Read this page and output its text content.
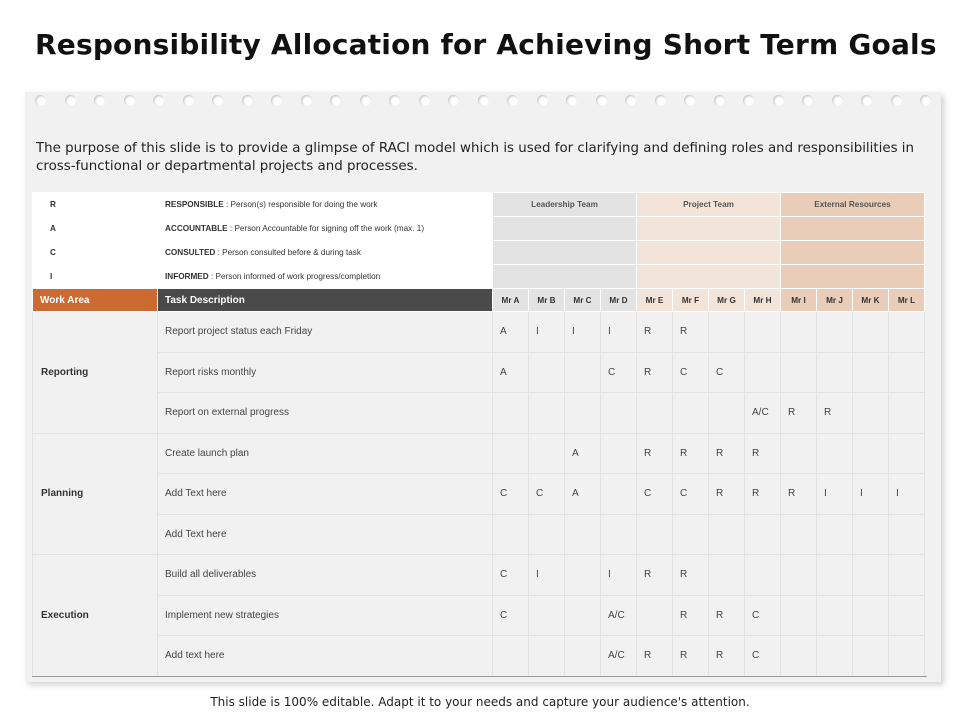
Responsibility Allocation for Achieving Short Term Goals
The purpose of this slide is to provide a glimpse of RACI model which is used for clarifying and defining roles and responsibilities in cross-functional or departmental projects and processes.
R	RESPONSIBLE : Person(s) responsible for doing the work	Leadership Team				Project Team				External Resources			
A	ACCOUNTABLE : Person Accountable for signing off the work (max. 1)												
C	CONSULTED : Person consulted before & during task												
I	INFORMED : Person informed of work progress/completion												
Work Area	Task Description	Mr A	Mr B	Mr C	Mr D	Mr E	Mr F	Mr G	Mr H	Mr I	Mr J	Mr K	Mr L
Reporting	Report project status each Friday	A	I	I	I	R	R						
	Report risks monthly	A			C	R	C	C					
	Report on external progress								A/C	R	R		
Planning	Create launch plan			A		R	R	R	R				
	Add Text here	C	C	A		C	C	R	R	R	I	I	I
	Add Text here												
Execution	Build all deliverables	C	I		I	R	R						
	Implement new strategies	C			A/C		R	R	C				
	Add text here				A/C	R	R	R	C				
This slide is 100% editable. Adapt it to your needs and capture your audience's attention.
